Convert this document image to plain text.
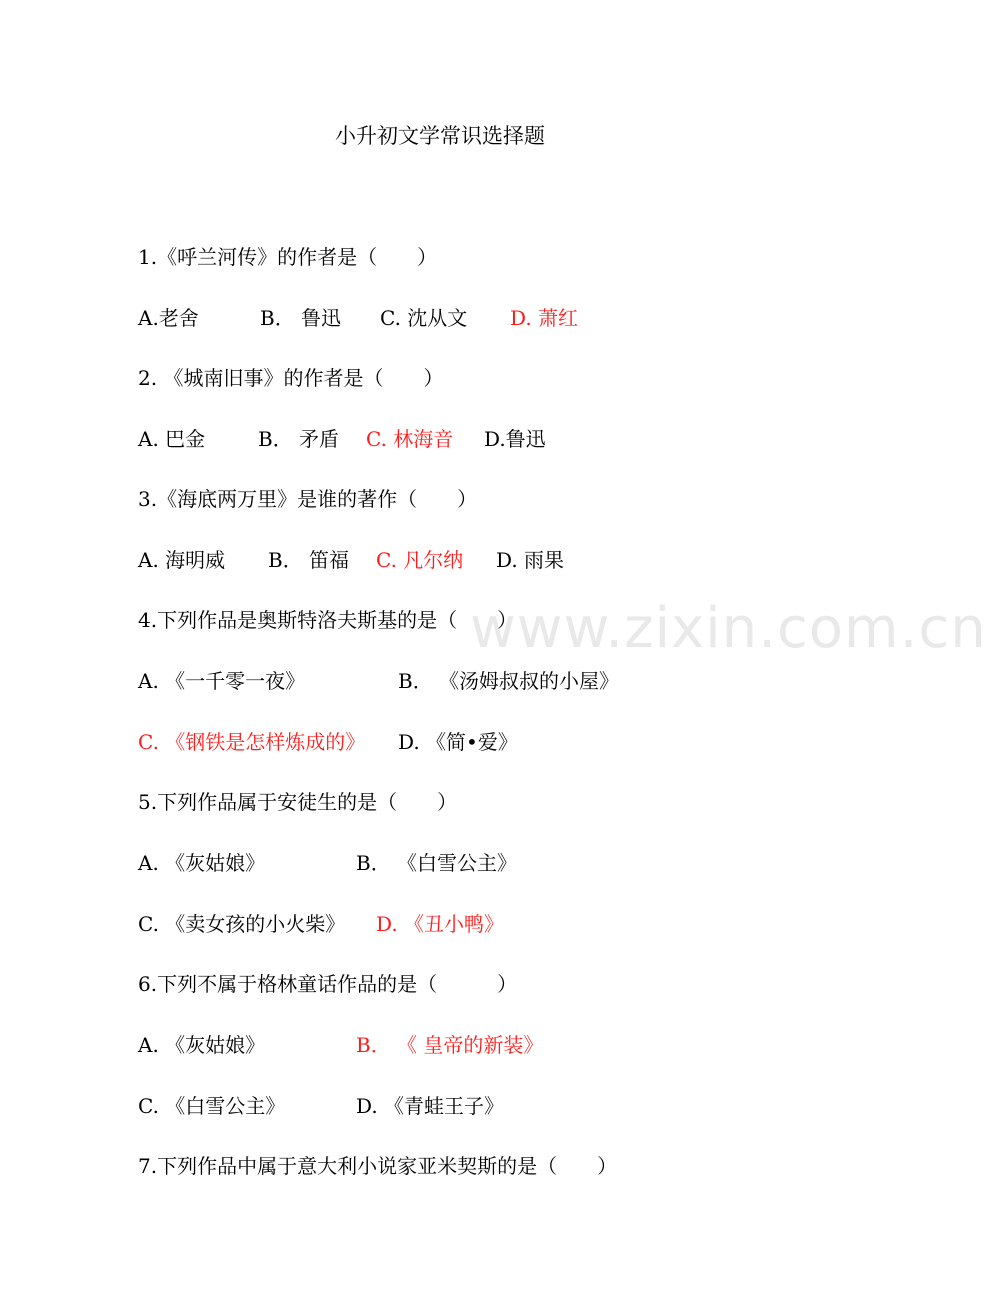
www.zixin.com.cn
小升初文学常识选择题
1.《呼兰河传》的作者是（　　）

A.老舍

	B． 鲁迅

C. 沈从文

D. 萧红

2. 《城南旧事》的作者是（　　）

A. 巴金

	B． 矛盾

C. 林海音

D.鲁迅

3.《海底两万里》是谁的著作（　　）

A. 海明威

B． 笛福

C. 凡尔纳

D. 雨果

4.下列作品是奥斯特洛夫斯基的是（　　）

A. 《一千零一夜》

	B． 《汤姆叔叔的小屋》

C. 《钢铁是怎样炼成的》

D. 《简•爱》

5.下列作品属于安徒生的是（　　）

A. 《灰姑娘》

	B． 《白雪公主》

C. 《卖女孩的小火柴》

D. 《丑小鸭》

6.下列不属于格林童话作品的是（　　　）

A. 《灰姑娘》

	B． 《 皇帝的新装》

C. 《白雪公主》

	D. 《青蛙王子》

7.下列作品中属于意大利小说家亚米契斯的是（　　）
